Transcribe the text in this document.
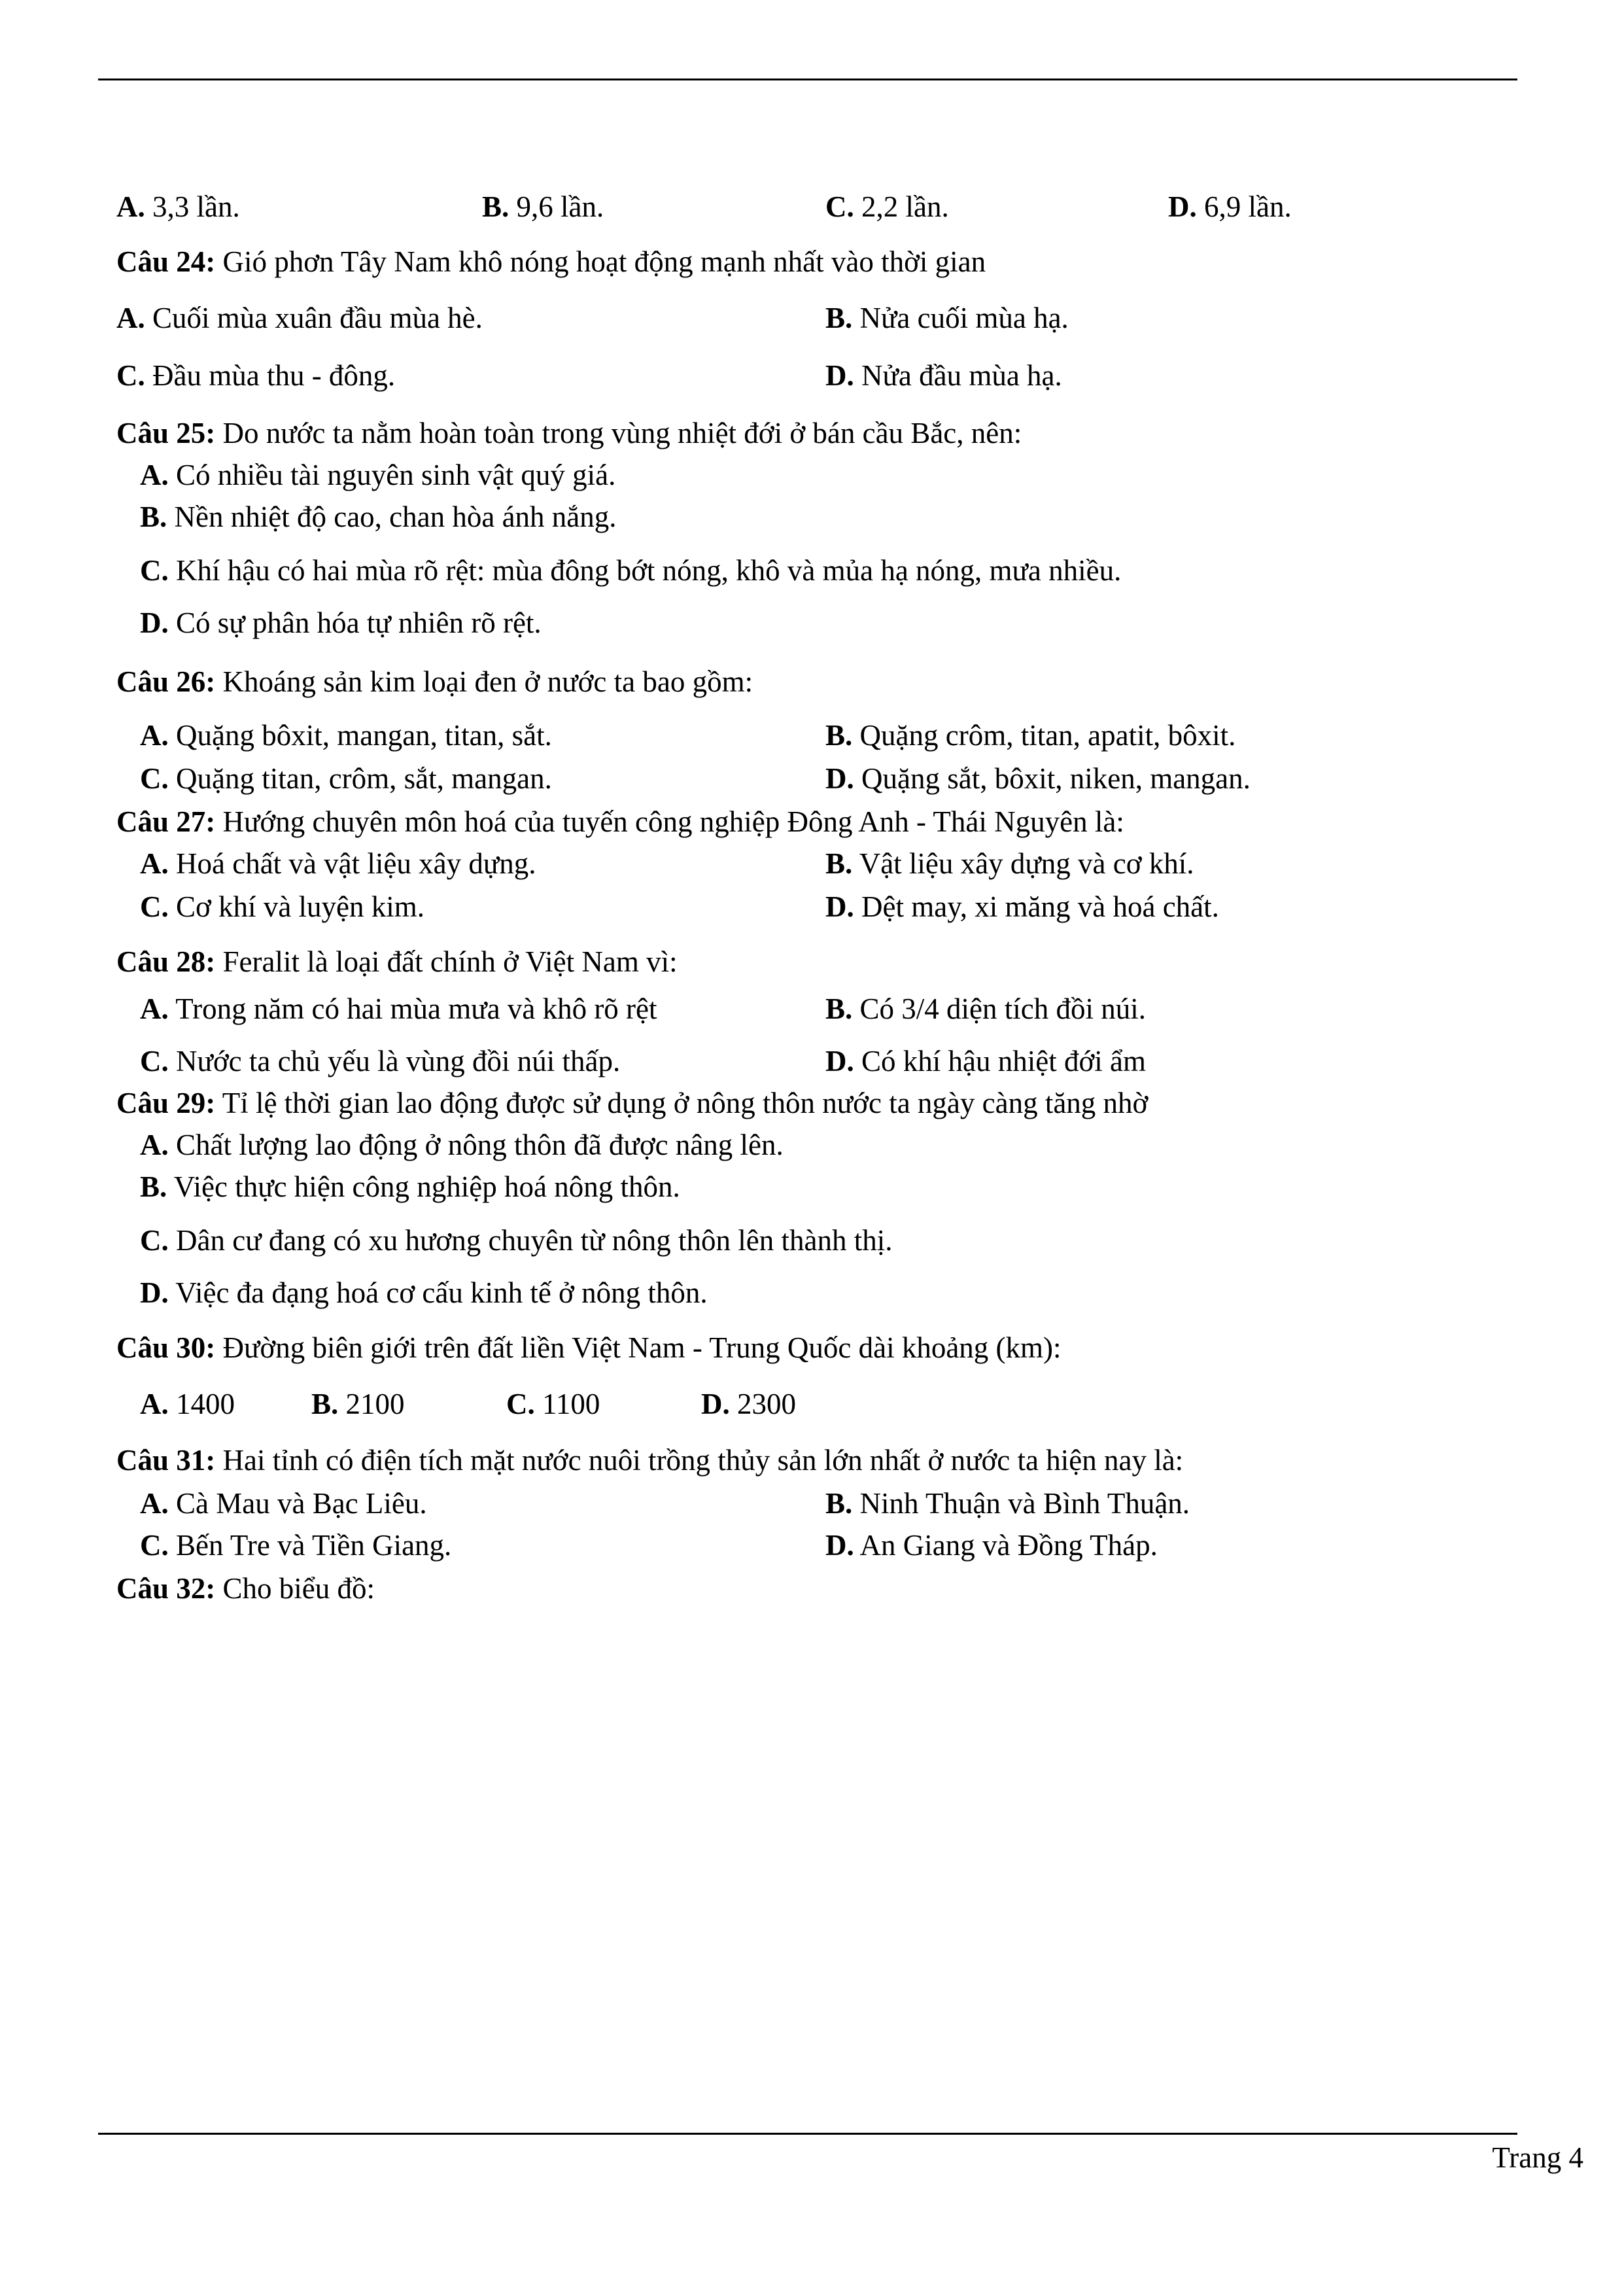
A. 3,3 lần.	B. 9,6 lần.	C. 2,2 lần.	D. 6,9 lần.
Câu 24: Gió phơn Tây Nam khô nóng hoạt động mạnh nhất vào thời gian
A. Cuối mùa xuân đầu mùa hè.	B. Nửa cuối mùa hạ.
C. Đầu mùa thu - đông.	D. Nửa đầu mùa hạ.
Câu 25: Do nước ta nằm hoàn toàn trong vùng nhiệt đới ở bán cầu Bắc, nên:
A. Có nhiều tài nguyên sinh vật quý giá.
B. Nền nhiệt độ cao, chan hòa ánh nắng.
C. Khí hậu có hai mùa rõ rệt: mùa đông bớt nóng, khô và mủa hạ nóng, mưa nhiều.
D. Có sự phân hóa tự nhiên rõ rệt.
Câu 26: Khoáng sản kim loại đen ở nước ta bao gồm:
A. Quặng bôxit, mangan, titan, sắt.	B. Quặng crôm, titan, apatit, bôxit.
C. Quặng titan, crôm, sắt, mangan.	D. Quặng sắt, bôxit, niken, mangan.
Câu 27: Hướng chuyên môn hoá của tuyến công nghiệp Đông Anh - Thái Nguyên là:
A. Hoá chất và vật liệu xây dựng.	B. Vật liệu xây dựng và cơ khí.
C. Cơ khí và luyện kim.	D. Dệt may, xi măng và hoá chất.
Câu 28: Feralit là loại đất chính ở Việt Nam vì:
A. Trong năm có hai mùa mưa và khô rõ rệt	B. Có 3/4 diện tích đồi núi.
C. Nước ta chủ yếu là vùng đồi núi thấp.	D. Có khí hậu nhiệt đới ẩm
Câu 29: Tỉ lệ thời gian lao động được sử dụng ở nông thôn nước ta ngày càng tăng nhờ
A. Chất lượng lao động ở nông thôn đã được nâng lên.
B. Việc thực hiện công nghiệp hoá nông thôn.
C. Dân cư đang có xu hương chuyên từ nông thôn lên thành thị.
D. Việc đa đạng hoá cơ cấu kinh tế ở nông thôn.
Câu 30: Đường biên giới trên đất liền Việt Nam - Trung Quốc dài khoảng (km):
A. 1400	B. 2100	C. 1100	D. 2300
Câu 31: Hai tỉnh có điện tích mặt nước nuôi trồng thủy sản lớn nhất ở nước ta hiện nay là:
A. Cà Mau và Bạc Liêu.	B. Ninh Thuận và Bình Thuận.
C. Bến Tre và Tiền Giang.	D. An Giang và Đồng Tháp.
Câu 32: Cho biểu đồ:
Trang 4
